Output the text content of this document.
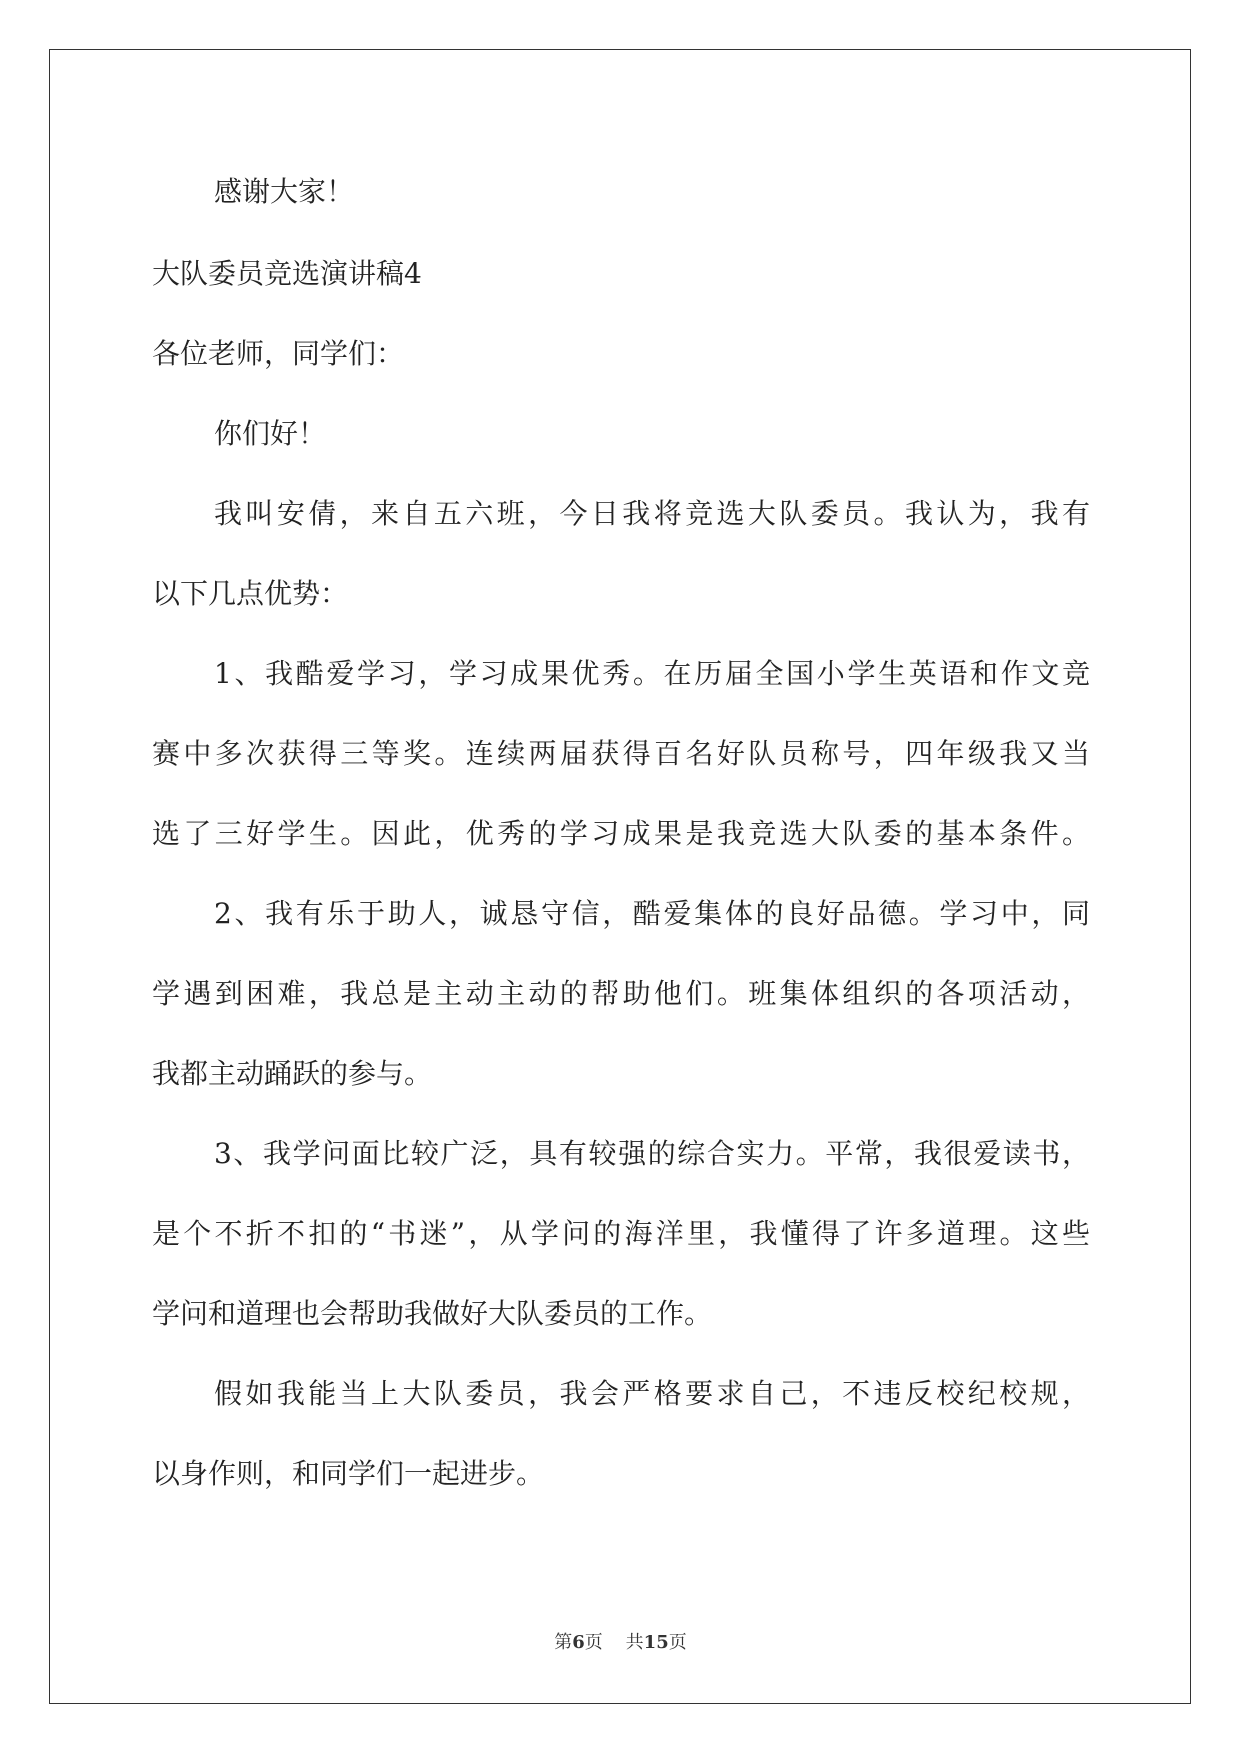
感谢大家！
大队委员竞选演讲稿4
各位老师，同学们：
你们好！
我叫安倩，来自五六班，今日我将竞选大队委员。我认为，我有
以下几点优势：
1、我酷爱学习，学习成果优秀。在历届全国小学生英语和作文竞
赛中多次获得三等奖。连续两届获得百名好队员称号，四年级我又当
选了三好学生。因此，优秀的学习成果是我竞选大队委的基本条件。
2、我有乐于助人，诚恳守信，酷爱集体的良好品德。学习中，同
学遇到困难，我总是主动主动的帮助他们。班集体组织的各项活动，
我都主动踊跃的参与。
3、我学问面比较广泛，具有较强的综合实力。平常，我很爱读书，
是个不折不扣的“书迷”，从学问的海洋里，我懂得了许多道理。这些
学问和道理也会帮助我做好大队委员的工作。
假如我能当上大队委员，我会严格要求自己，不违反校纪校规，
以身作则，和同学们一起进步。
第6页 共15页
